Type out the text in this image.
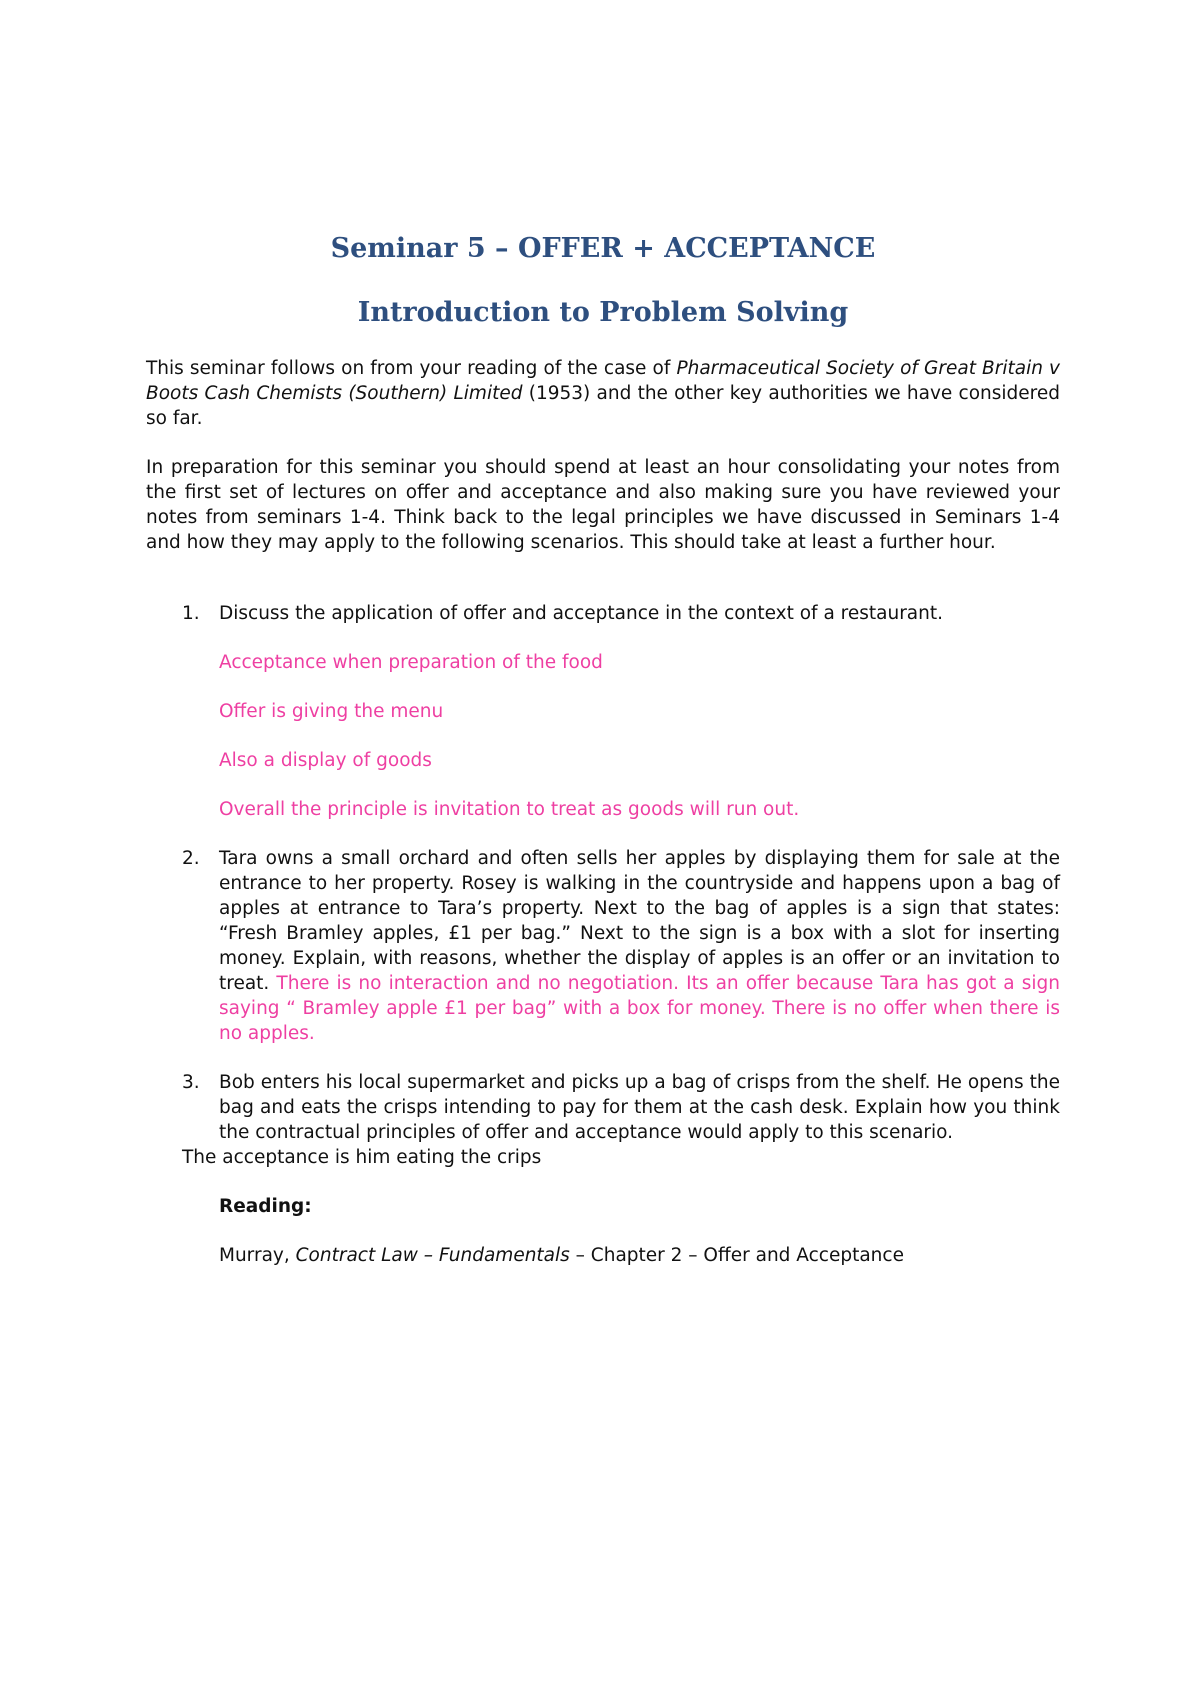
Seminar 5 – OFFER + ACCEPTANCE
Introduction to Problem Solving

This seminar follows on from your reading of the case of Pharmaceutical Society of Great Britain v Boots Cash Chemists (Southern) Limited (1953) and the other key authorities we have considered so far.

In preparation for this seminar you should spend at least an hour consolidating your notes from the first set of lectures on offer and acceptance and also making sure you have reviewed your notes from seminars 1-4. Think back to the legal principles we have discussed in Seminars 1-4 and how they may apply to the following scenarios. This should take at least a further hour.

1. Discuss the application of offer and acceptance in the context of a restaurant.

Acceptance when preparation of the food

Offer is giving the menu

Also a display of goods

Overall the principle is invitation to treat as goods will run out.

2. Tara owns a small orchard and often sells her apples by displaying them for sale at the entrance to her property. Rosey is walking in the countryside and happens upon a bag of apples at entrance to Tara’s property. Next to the bag of apples is a sign that states: “Fresh Bramley apples, £1 per bag.” Next to the sign is a box with a slot for inserting money. Explain, with reasons, whether the display of apples is an offer or an invitation to treat. There is no interaction and no negotiation. Its an offer because Tara has got a sign saying “ Bramley apple £1 per bag” with a box for money. There is no offer when there is no apples.

3. Bob enters his local supermarket and picks up a bag of crisps from the shelf. He opens the bag and eats the crisps intending to pay for them at the cash desk. Explain how you think the contractual principles of offer and acceptance would apply to this scenario.

The acceptance is him eating the crips

Reading:

Murray, Contract Law – Fundamentals – Chapter 2 – Offer and Acceptance
